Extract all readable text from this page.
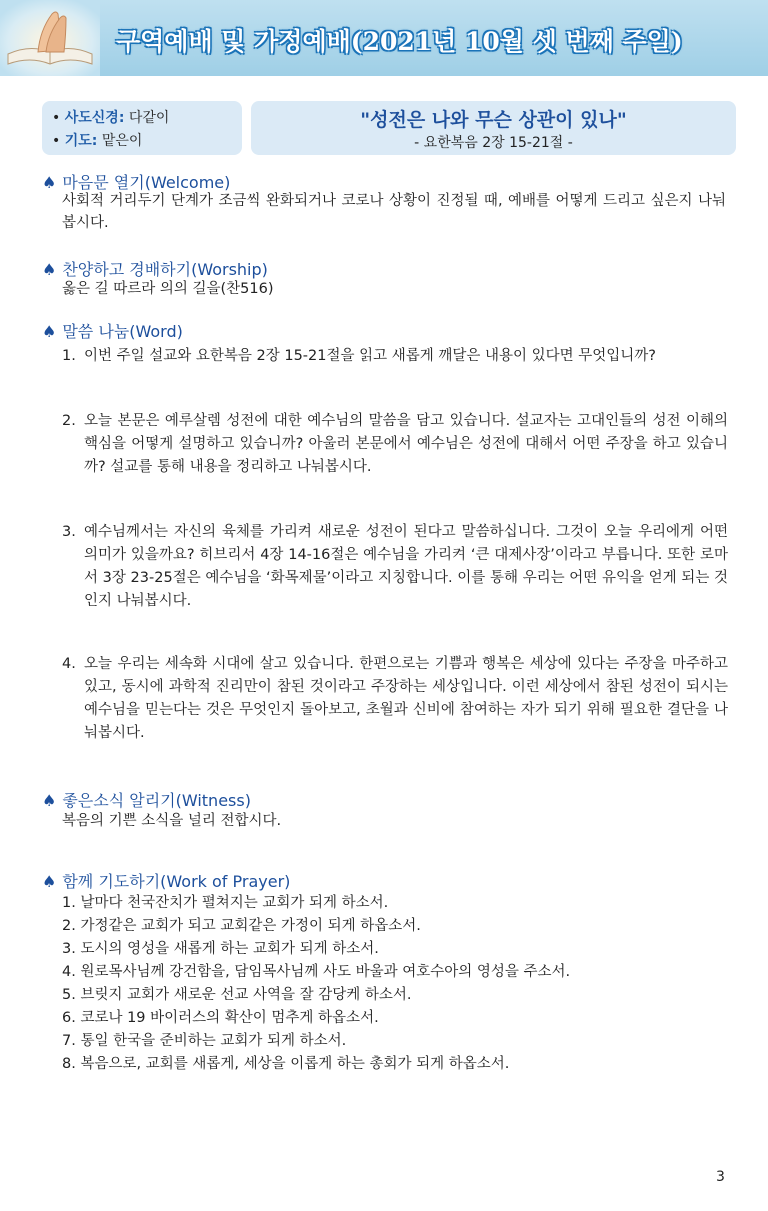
구역예배 및 가정예배(2021년 10월 셋 번째 주일)
• 사도신경: 다같이
• 기도: 맡은이
"성전은 나와 무슨 상관이 있나"
- 요한복음 2장 15-21절 -
♠ 마음문 열기(Welcome)
사회적 거리두기 단계가 조금씩 완화되거나 코로나 상황이 진정될 때, 예배를 어떻게 드리고 싶은지 나눠봅시다.
♠ 찬양하고 경배하기(Worship)
옳은 길 따르라 의의 길을(찬516)
♠ 말씀 나눔(Word)
1. 이번 주일 설교와 요한복음 2장 15-21절을 읽고 새롭게 깨달은 내용이 있다면 무엇입니까?
2. 오늘 본문은 예루살렘 성전에 대한 예수님의 말씀을 담고 있습니다. 설교자는 고대인들의 성전 이해의 핵심을 어떻게 설명하고 있습니까? 아울러 본문에서 예수님은 성전에 대해서 어떤 주장을 하고 있습니까? 설교를 통해 내용을 정리하고 나눠봅시다.
3. 예수님께서는 자신의 육체를 가리켜 새로운 성전이 된다고 말씀하십니다. 그것이 오늘 우리에게 어떤 의미가 있을까요? 히브리서 4장 14-16절은 예수님을 가리켜 ‘큰 대제사장’이라고 부릅니다. 또한 로마서 3장 23-25절은 예수님을 ‘화목제물’이라고 지칭합니다. 이를 통해 우리는 어떤 유익을 얻게 되는 것인지 나눠봅시다.
4. 오늘 우리는 세속화 시대에 살고 있습니다. 한편으로는 기쁨과 행복은 세상에 있다는 주장을 마주하고 있고, 동시에 과학적 진리만이 참된 것이라고 주장하는 세상입니다. 이런 세상에서 참된 성전이 되시는 예수님을 믿는다는 것은 무엇인지 돌아보고, 초월과 신비에 참여하는 자가 되기 위해 필요한 결단을 나눠봅시다.
♠ 좋은소식 알리기(Witness)
복음의 기쁜 소식을 널리 전합시다.
♠ 함께 기도하기(Work of Prayer)
1. 날마다 천국잔치가 펼쳐지는 교회가 되게 하소서.
2. 가정같은 교회가 되고 교회같은 가정이 되게 하옵소서.
3. 도시의 영성을 새롭게 하는 교회가 되게 하소서.
4. 원로목사님께 강건함을, 담임목사님께 사도 바울과 여호수아의 영성을 주소서.
5. 브릿지 교회가 새로운 선교 사역을 잘 감당케 하소서.
6. 코로나 19 바이러스의 확산이 멈추게 하옵소서.
7. 통일 한국을 준비하는 교회가 되게 하소서.
8. 복음으로, 교회를 새롭게, 세상을 이롭게 하는 총회가 되게 하옵소서.
3
